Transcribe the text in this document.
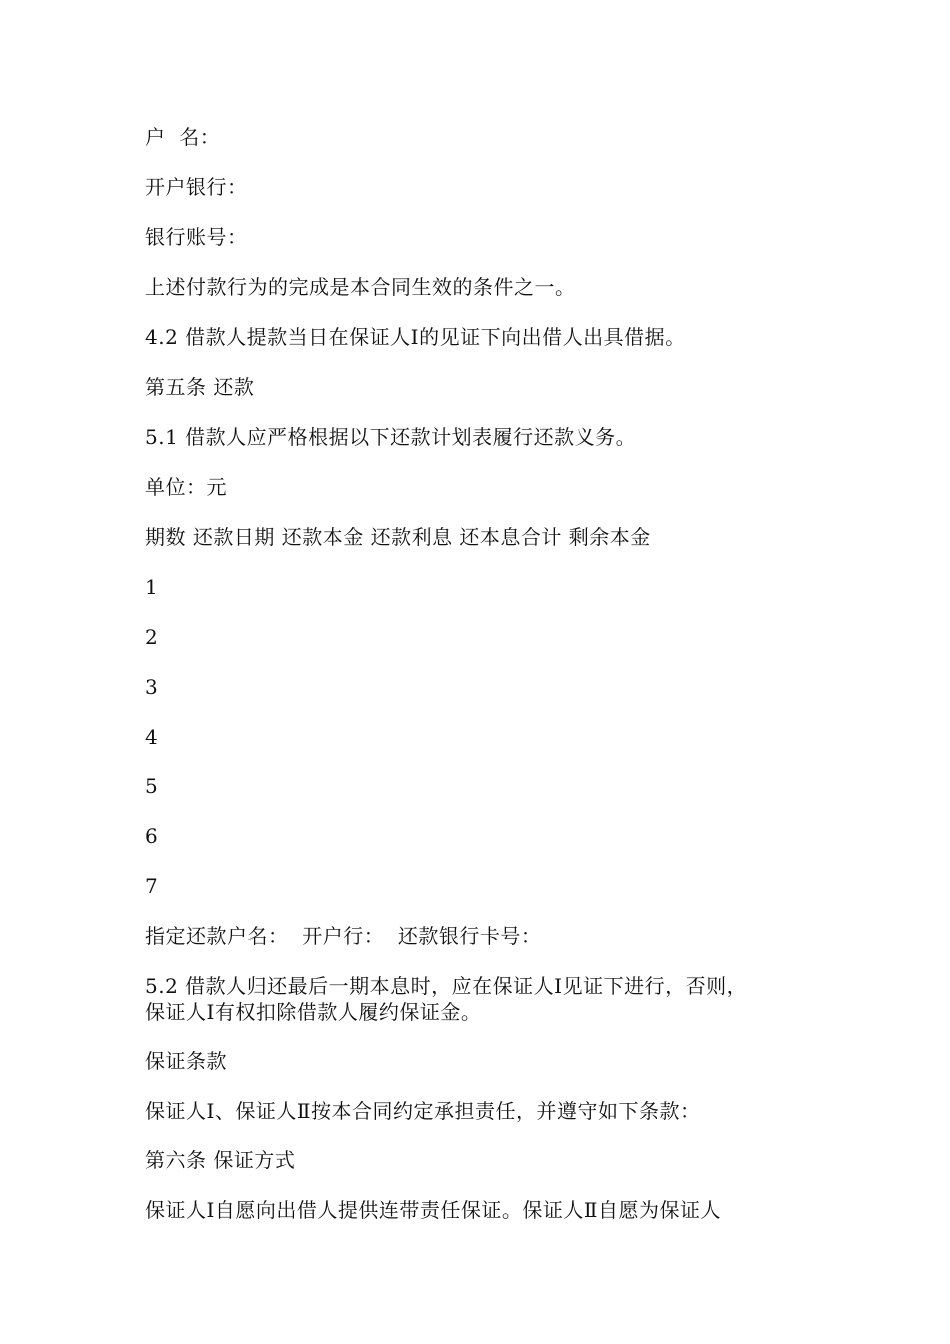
户  名：
开户银行：
银行账号：
上述付款行为的完成是本合同生效的条件之一。
4.2 借款人提款当日在保证人Ⅰ的见证下向出借人出具借据。
第五条 还款
5.1 借款人应严格根据以下还款计划表履行还款义务。
单位：元
期数 还款日期 还款本金 还款利息 还本息合计 剩余本金
1
2
3
4
5
6
7
指定还款户名：  开户行：  还款银行卡号：
5.2 借款人归还最后一期本息时，应在保证人Ⅰ见证下进行，否则，
保证人Ⅰ有权扣除借款人履约保证金。
保证条款
保证人Ⅰ、保证人Ⅱ按本合同约定承担责任，并遵守如下条款：
第六条 保证方式
保证人Ⅰ自愿向出借人提供连带责任保证。保证人Ⅱ自愿为保证人
